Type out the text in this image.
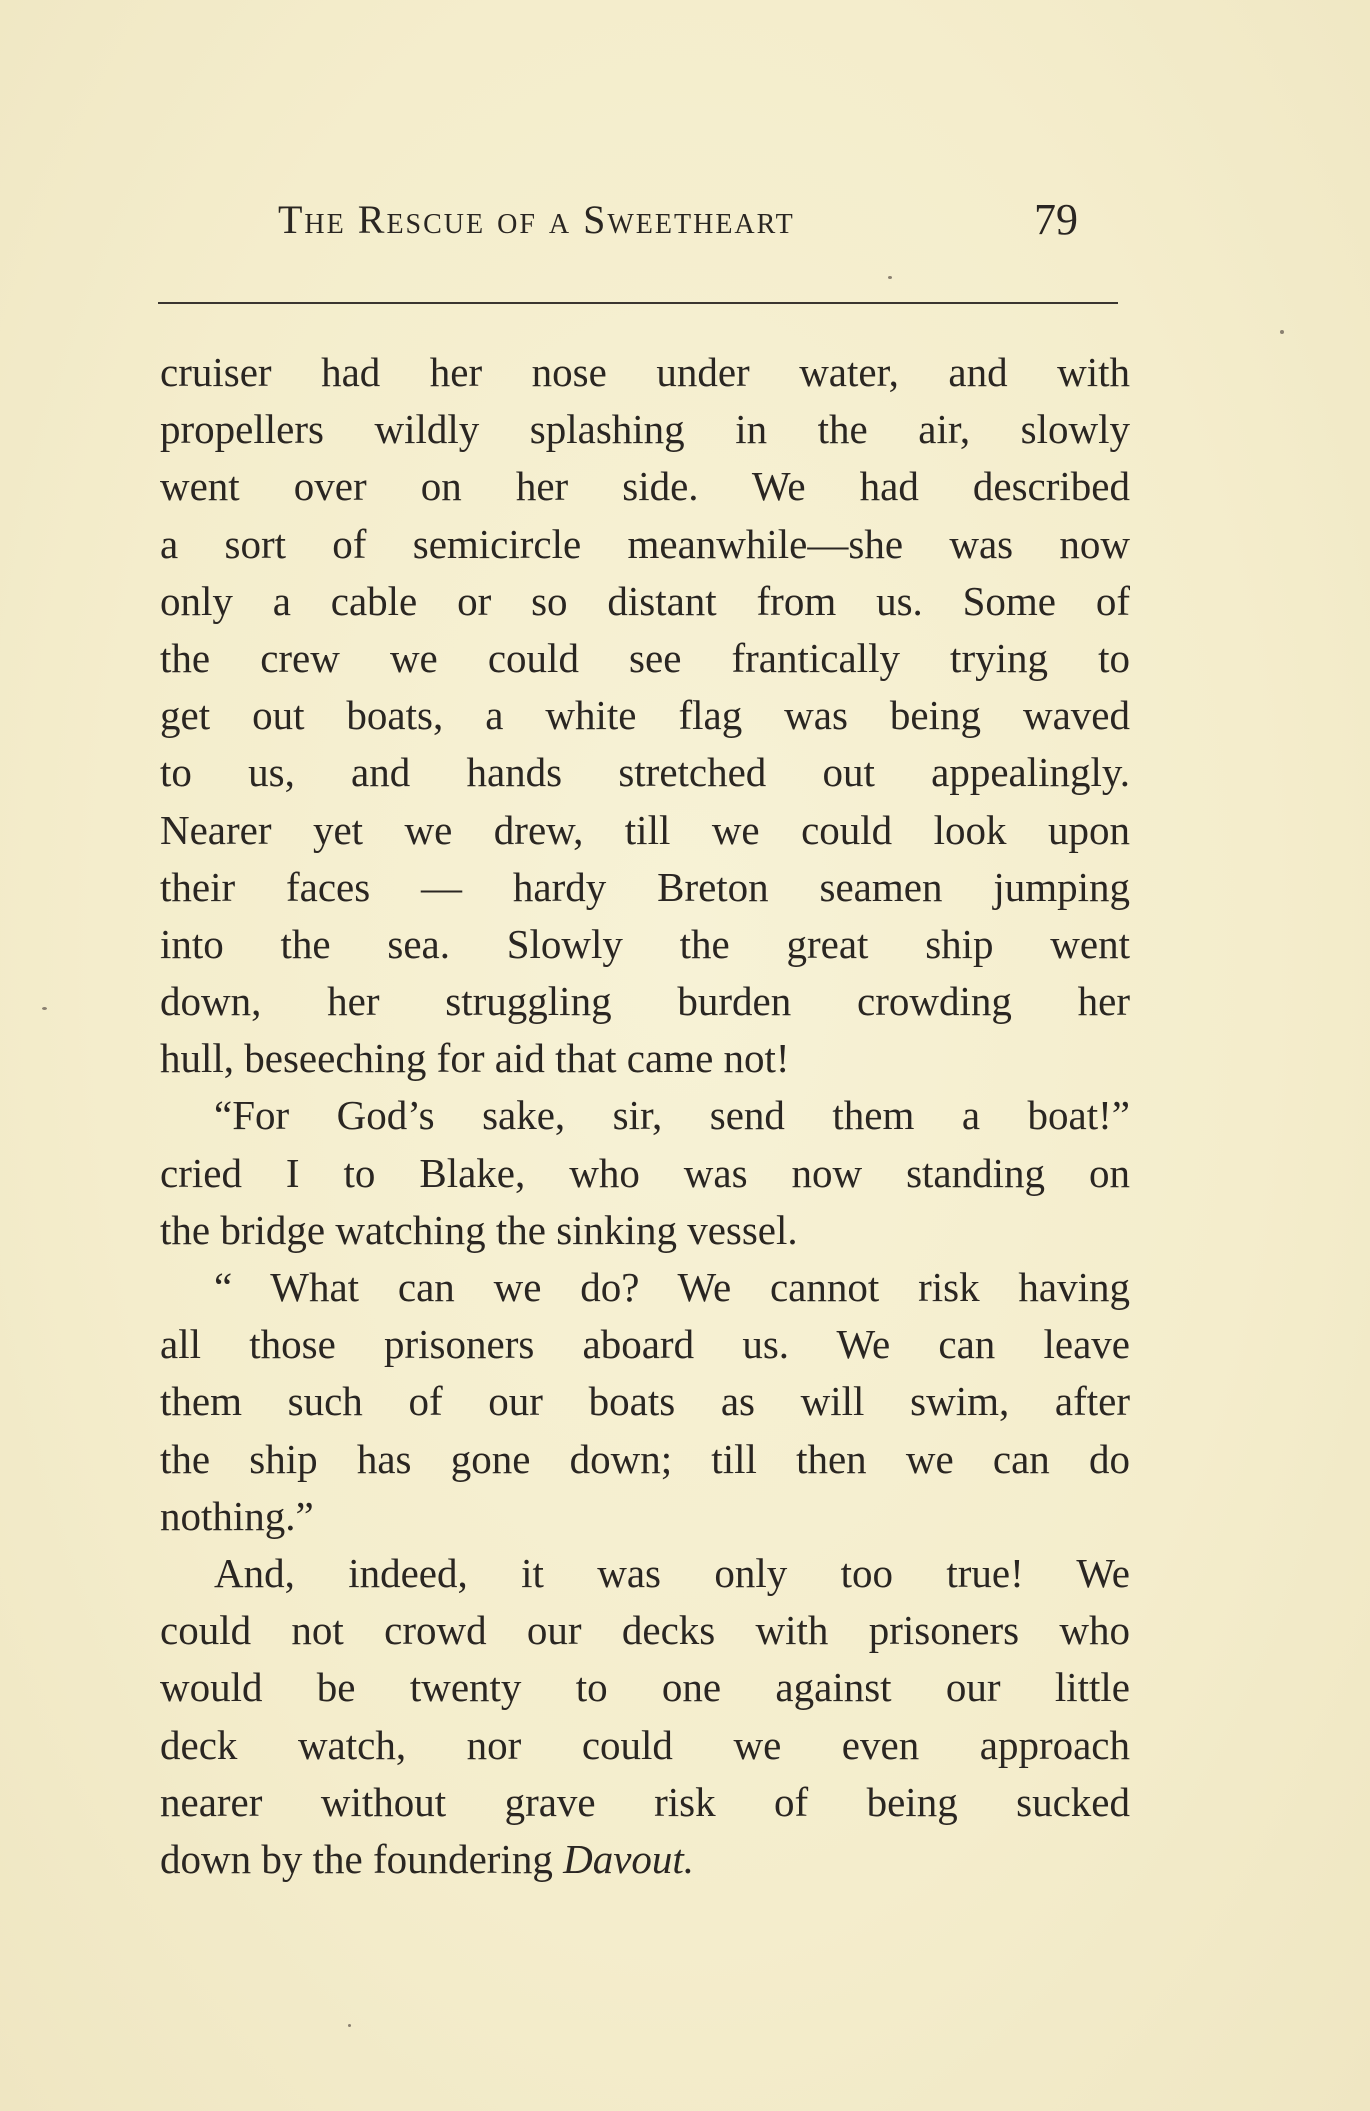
The Rescue of a Sweetheart	79
cruiser had her nose under water, and with
propellers wildly splashing in the air, slowly
went over on her side. We had described
a sort of semicircle meanwhile—she was now
only a cable or so distant from us. Some of
the crew we could see frantically trying to
get out boats, a white flag was being waved
to us, and hands stretched out appealingly.
Nearer yet we drew, till we could look upon
their faces — hardy Breton seamen jumping
into the sea. Slowly the great ship went
down, her struggling burden crowding her
hull, beseeching for aid that came not!
“For God’s sake, sir, send them a boat!”
cried I to Blake, who was now standing on
the bridge watching the sinking vessel.
“ What can we do? We cannot risk having
all those prisoners aboard us. We can leave
them such of our boats as will swim, after
the ship has gone down; till then we can do
nothing.”
And, indeed, it was only too true! We
could not crowd our decks with prisoners who
would be twenty to one against our little
deck watch, nor could we even approach
nearer without grave risk of being sucked
down by the foundering Davout.
